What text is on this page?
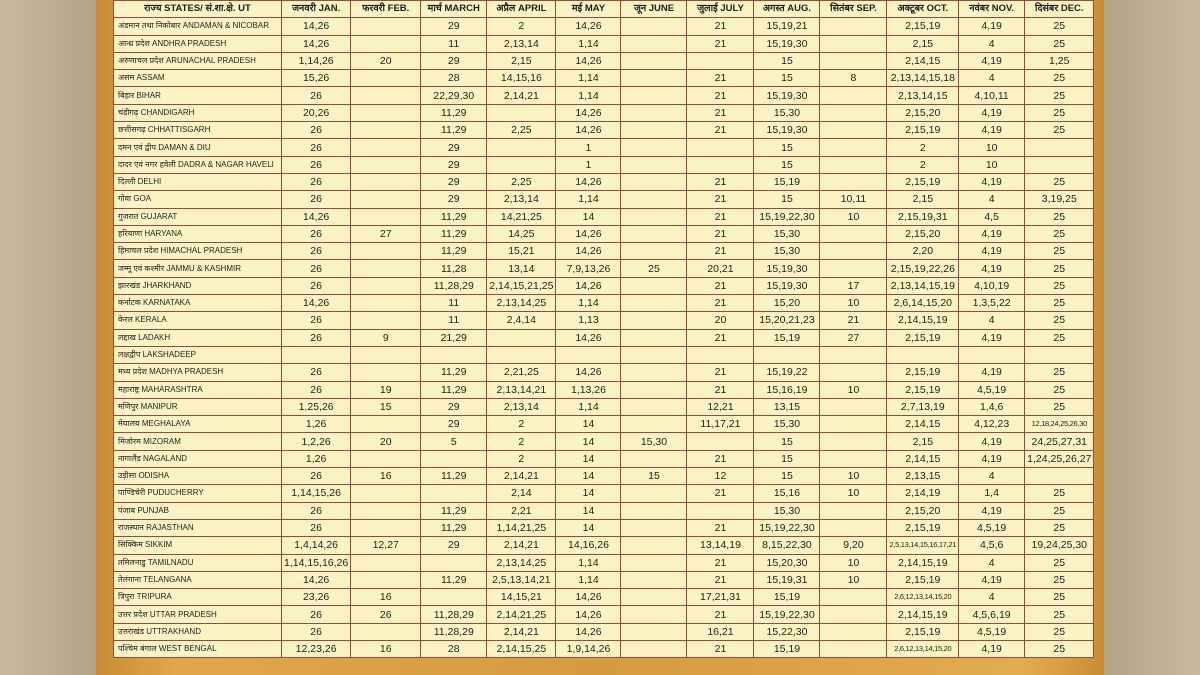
राज्य STATES/ सं.शा.क्षे. UT	जनवरी JAN.	फरवरी FEB.	मार्च MARCH	अप्रैल APRIL	मई MAY	जून JUNE	जुलाई JULY	अगस्त AUG.	सितंबर SEP.	अक्टूबर OCT.	नवंबर NOV.	दिसंबर DEC.
अंडमान तथा निकोबार ANDAMAN & NICOBAR	14,26		29	2	14,26		21	15,19,21		2,15,19	4,19	25
आन्ध्र प्रदेश ANDHRA PRADESH	14,26		11	2,13,14	1,14		21	15,19,30		2,15	4	25
अरुणाचल प्रदेश ARUNACHAL PRADESH	1,14,26	20	29	2,15	14,26			15		2,14,15	4,19	1,25
असम ASSAM	15,26		28	14,15,16	1,14		21	15	8	2,13,14,15,18	4	25
बिहार BIHAR	26		22,29,30	2,14,21	1,14		21	15,19,30		2,13,14,15	4,10,11	25
चंडीगढ़ CHANDIGARH	20,26		11,29		14,26		21	15,30		2,15,20	4,19	25
छत्तीसगढ़ CHHATTISGARH	26		11,29	2,25	14,26		21	15,19,30		2,15,19	4,19	25
दमन एवं द्वीप DAMAN & DIU	26		29		1			15		2	10	
दादर एवं नगर हवेली DADRA & NAGAR HAVELI	26		29		1			15		2	10	
दिल्ली DELHI	26		29	2,25	14,26		21	15,19		2,15,19	4,19	25
गोवा GOA	26		29	2,13,14	1,14		21	15	10,11	2,15	4	3,19,25
गुजरात GUJARAT	14,26		11,29	14,21,25	14		21	15,19,22,30	10	2,15,19,31	4,5	25
हरियाणा HARYANA	26	27	11,29	14,25	14,26		21	15,30		2,15,20	4,19	25
हिमाचल प्रदेश HIMACHAL PRADESH	26		11,29	15,21	14,26		21	15,30		2,20	4,19	25
जम्मू एवं कश्मीर JAMMU & KASHMIR	26		11,28	13,14	7,9,13,26	25	20,21	15,19,30		2,15,19,22,26	4,19	25
झारखंड JHARKHAND	26		11,28,29	2,14,15,21,25	14,26		21	15,19,30	17	2,13,14,15,19	4,10,19	25
कर्नाटक KARNATAKA	14,26		11	2,13,14,25	1,14		21	15,20	10	2,6,14,15,20	1,3,5,22	25
केरल KERALA	26		11	2,4,14	1,13		20	15,20,21,23	21	2,14,15,19	4	25
लद्दाख LADAKH	26	9	21,29		14,26		21	15,19	27	2,15,19	4,19	25
लक्षद्वीप LAKSHADEEP												
मध्य प्रदेश MADHYA PRADESH	26		11,29	2,21,25	14,26		21	15,19,22		2,15,19	4,19	25
महाराष्ट्र MAHARASHTRA	26	19	11,29	2,13,14,21	1,13,26		21	15,16,19	10	2,15,19	4,5,19	25
मणिपुर MANIPUR	1,25,26	15	29	2,13,14	1,14		12,21	13,15		2,7,13,19	1,4,6	25
मेघालय MEGHALAYA	1,26		29	2	14		11,17,21	15,30		2,14,15	4,12,23	12,18,24,25,26,30
मिजोरम MIZORAM	1,2,26	20	5	2	14	15,30		15		2,15	4,19	24,25,27,31
नागालैंड NAGALAND	1,26			2	14		21	15		2,14,15	4,19	1,24,25,26,27
उड़ीसा ODISHA	26	16	11,29	2,14,21	14	15	12	15	10	2,13,15	4	
पाण्डिचेरी PUDUCHERRY	1,14,15,26			2,14	14		21	15,16	10	2,14,19	1,4	25
पंजाब PUNJAB	26		11,29	2,21	14			15,30		2,15,20	4,19	25
राजस्थान RAJASTHAN	26		11,29	1,14,21,25	14		21	15,19,22,30		2,15,19	4,5,19	25
सिक्किम SIKKIM	1,4,14,26	12,27	29	2,14,21	14,16,26		13,14,19	8,15,22,30	9,20	2,5,13,14,15,16,17,21	4,5,6	19,24,25,30
तमिलनाडु TAMILNADU	1,14,15,16,26			2,13,14,25	1,14		21	15,20,30	10	2,14,15,19	4	25
तेलंगाना TELANGANA	14,26		11,29	2,5,13,14,21	1,14		21	15,19,31	10	2,15,19	4,19	25
त्रिपुरा TRIPURA	23,26	16		14,15,21	14,26		17,21,31	15,19		2,6,12,13,14,15,20	4	25
उत्तर प्रदेश UTTAR PRADESH	26	26	11,28,29	2,14,21,25	14,26		21	15,19,22,30		2,14,15,19	4,5,6,19	25
उत्तराखंड UTTRAKHAND	26		11,28,29	2,14,21	14,26		16,21	15,22,30		2,15,19	4,5,19	25
पश्चिम बंगाल WEST BENGAL	12,23,26	16	28	2,14,15,25	1,9,14,26		21	15,19		2,6,12,13,14,15,20	4,19	25
